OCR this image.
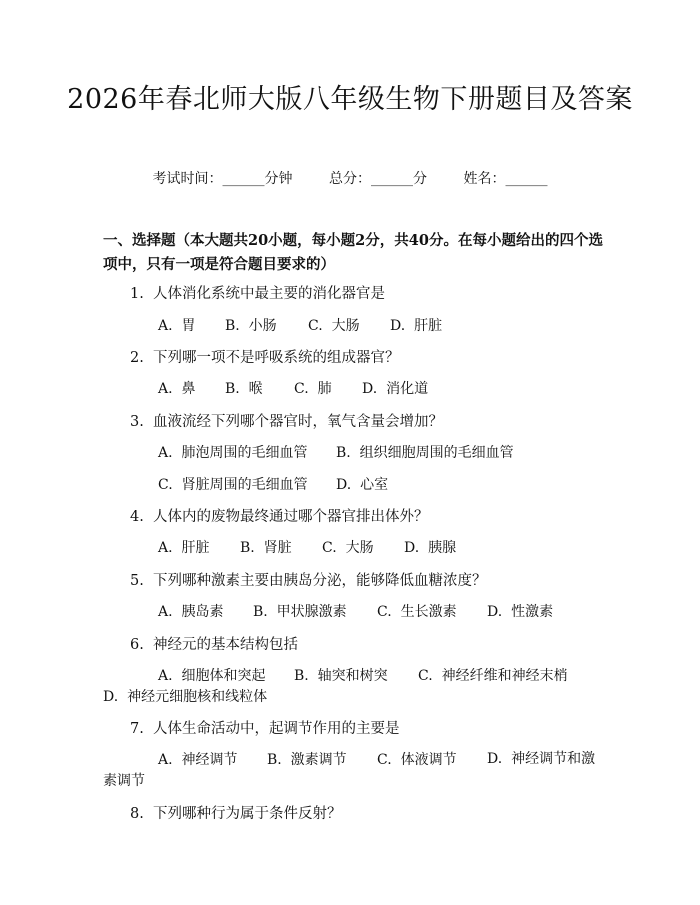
2026年春北师大版八年级生物下册题目及答案
考试时间：______分钟	总分：______分	姓名：______
一、选择题（本大题共20小题，每小题2分，共40分。在每小题给出的四个选项中，只有一项是符合题目要求的）
1.  人体消化系统中最主要的消化器官是
A.  胃 B.  小肠 C.  大肠 D.  肝脏
2.  下列哪一项不是呼吸系统的组成器官？
A.  鼻 B.  喉 C.  肺 D.  消化道
3.  血液流经下列哪个器官时，氧气含量会增加？
A.  肺泡周围的毛细血管 B.  组织细胞周围的毛细血管
C.  肾脏周围的毛细血管 D.  心室
4.  人体内的废物最终通过哪个器官排出体外？
A.  肝脏 B.  肾脏 C.  大肠 D.  胰腺
5.  下列哪种激素主要由胰岛分泌，能够降低血糖浓度？
A.  胰岛素 B.  甲状腺激素 C.  生长激素 D.  性激素
6.  神经元的基本结构包括
A.  细胞体和突起 B.  轴突和树突 C.  神经纤维和神经末梢
D.  神经元细胞核和线粒体
7.  人体生命活动中，起调节作用的主要是
A.  神经调节 B.  激素调节 C.  体液调节 D.  神经调节和激
素调节
8.  下列哪种行为属于条件反射？
